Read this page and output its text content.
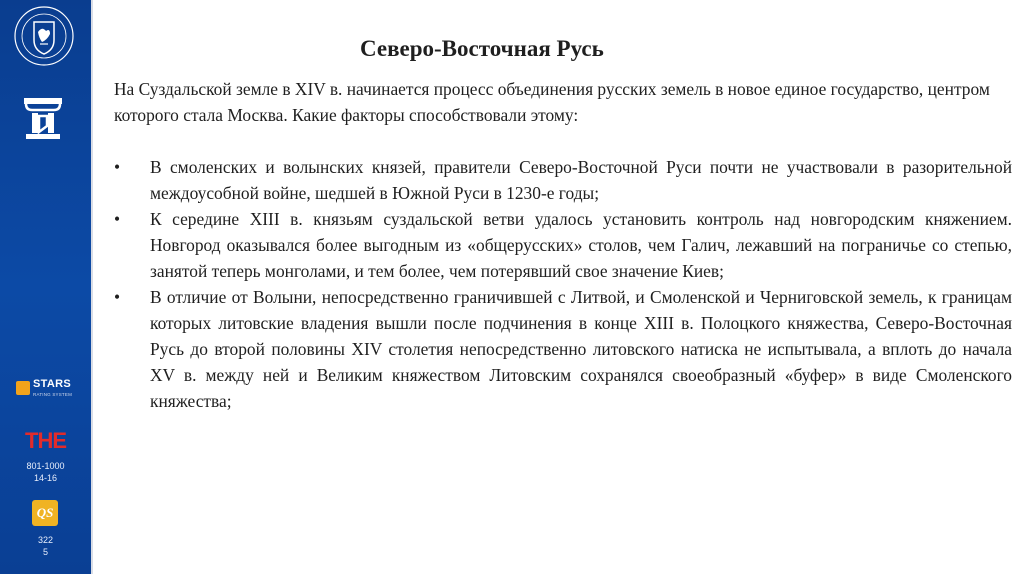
STARS
RATING SYSTEM
THE
801-1000
14-16
QS
322
5
Северо-Восточная Русь

На Суздальской земле в XIV в. начинается процесс объединения русских земель в новое единое государство, центром которого стала Москва. Какие факторы способствовали этому:

• В смоленских и волынских князей, правители Северо-Восточной Руси почти не участвовали в разорительной междоусобной войне, шедшей в Южной Руси в 1230-е годы;
• К середине XIII в. князьям суздальской ветви удалось установить контроль над новгородским княжением. Новгород оказывался более выгодным из «общерусских» столов, чем Галич, лежавший на пограничье со степью, занятой теперь монголами, и тем более, чем потерявший свое значение Киев;
• В отличие от Волыни, непосредственно граничившей с Литвой, и Смоленской и Черниговской земель, к границам которых литовские владения вышли после подчинения в конце XIII в. Полоцкого княжества, Северо-Восточная Русь до второй половины XIV столетия непосредственно литовского натиска не испытывала, а вплоть до начала XV в. между ней и Великим княжеством Литовским сохранялся своеобразный «буфер» в виде Смоленского княжества;
